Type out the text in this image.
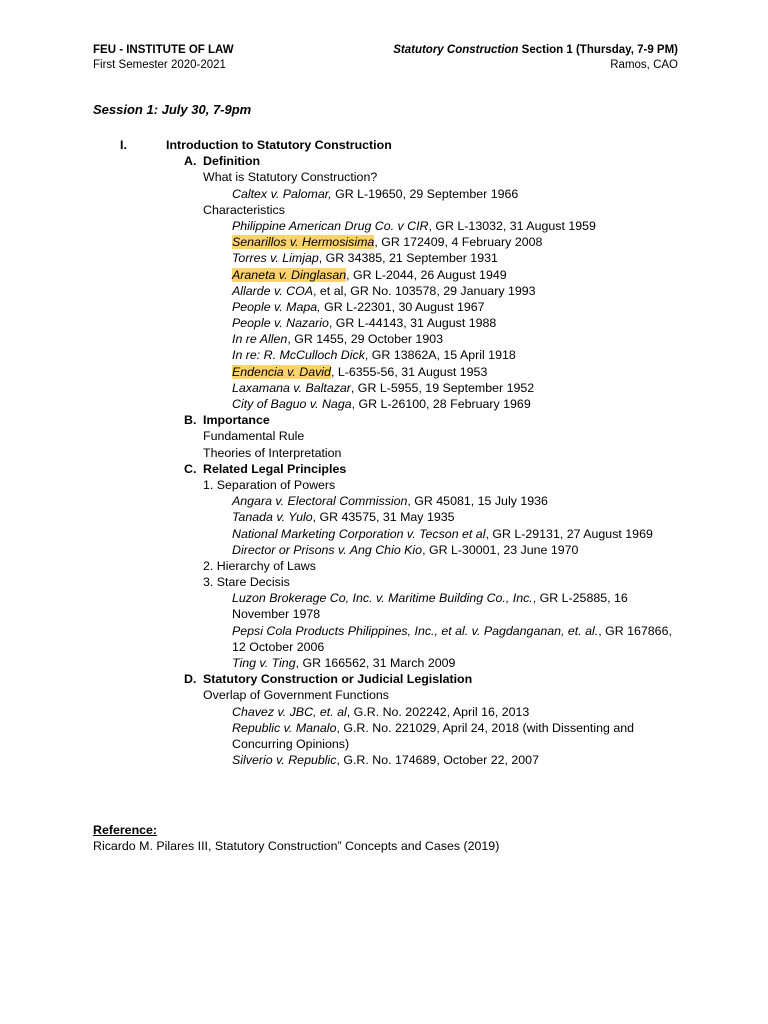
FEU - INSTITUTE OF LAW
First Semester 2020-2021
Statutory Construction Section 1 (Thursday, 7-9 PM)
Ramos, CAO
Session 1: July 30, 7-9pm
I.	Introduction to Statutory Construction
A. Definition
What is Statutory Construction?
Caltex v. Palomar, GR L-19650, 29 September 1966
Characteristics
Philippine American Drug Co. v CIR, GR L-13032, 31 August 1959
Senarillos v. Hermosisima, GR 172409, 4 February 2008
Torres v. Limjap, GR 34385, 21 September 1931
Araneta v. Dinglasan, GR L-2044, 26 August 1949
Allarde v. COA, et al, GR No. 103578, 29 January 1993
People v. Mapa, GR L-22301, 30 August 1967
People v. Nazario, GR L-44143, 31 August 1988
In re Allen, GR 1455, 29 October 1903
In re: R. McCulloch Dick, GR 13862A, 15 April 1918
Endencia v. David, L-6355-56, 31 August 1953
Laxamana v. Baltazar, GR L-5955, 19 September 1952
City of Baguo v. Naga, GR L-26100, 28 February 1969
B. Importance
Fundamental Rule
Theories of Interpretation
C. Related Legal Principles
1. Separation of Powers
Angara v. Electoral Commission, GR 45081, 15 July 1936
Tanada v. Yulo, GR 43575, 31 May 1935
National Marketing Corporation v. Tecson et al, GR L-29131, 27 August 1969
Director or Prisons v. Ang Chio Kio, GR L-30001, 23 June 1970
2. Hierarchy of Laws
3. Stare Decisis
Luzon Brokerage Co, Inc. v. Maritime Building Co., Inc., GR L-25885, 16 November 1978
Pepsi Cola Products Philippines, Inc., et al. v. Pagdanganan, et. al., GR 167866, 12 October 2006
Ting v. Ting, GR 166562, 31 March 2009
D. Statutory Construction or Judicial Legislation
Overlap of Government Functions
Chavez v. JBC, et. al, G.R. No. 202242, April 16, 2013
Republic v. Manalo, G.R. No. 221029, April 24, 2018 (with Dissenting and Concurring Opinions)
Silverio v. Republic, G.R. No. 174689, October 22, 2007
Reference:
Ricardo M. Pilares III, Statutory Construction” Concepts and Cases (2019)
